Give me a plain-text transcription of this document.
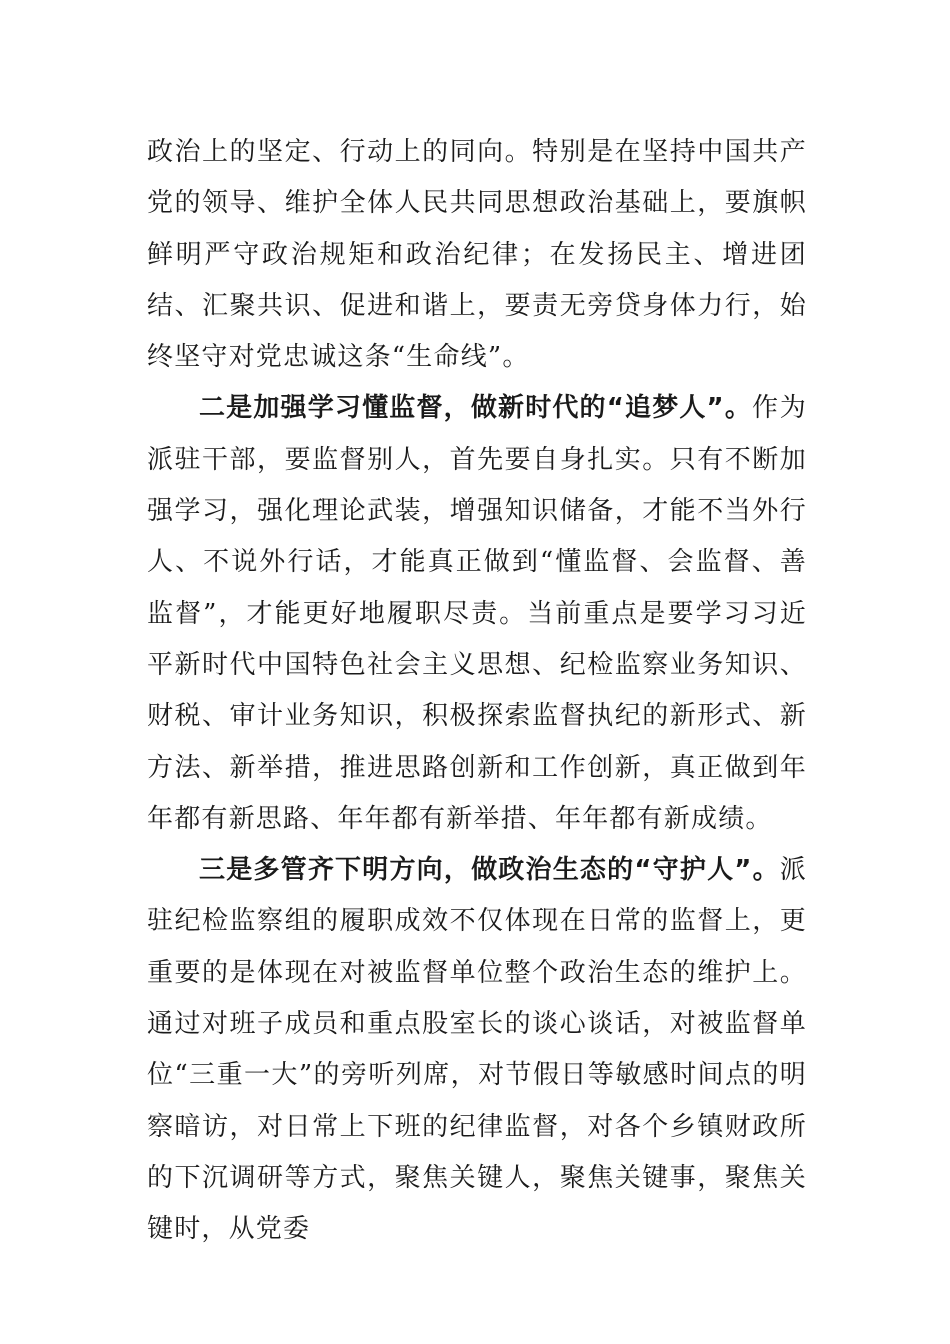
政治上的坚定、行动上的同向。特别是在坚持中国共产党的领导、维护全体人民共同思想政治基础上，要旗帜鲜明严守政治规矩和政治纪律；在发扬民主、增进团结、汇聚共识、促进和谐上，要责无旁贷身体力行，始终坚守对党忠诚这条“生命线”。

二是加强学习懂监督，做新时代的“追梦人”。作为派驻干部，要监督别人，首先要自身扎实。只有不断加强学习，强化理论武装，增强知识储备，才能不当外行人、不说外行话，才能真正做到“懂监督、会监督、善监督”，才能更好地履职尽责。当前重点是要学习习近平新时代中国特色社会主义思想、纪检监察业务知识、财税、审计业务知识，积极探索监督执纪的新形式、新方法、新举措，推进思路创新和工作创新，真正做到年年都有新思路、年年都有新举措、年年都有新成绩。

三是多管齐下明方向，做政治生态的“守护人”。派驻纪检监察组的履职成效不仅体现在日常的监督上，更重要的是体现在对被监督单位整个政治生态的维护上。通过对班子成员和重点股室长的谈心谈话，对被监督单位“三重一大”的旁听列席，对节假日等敏感时间点的明察暗访，对日常上下班的纪律监督，对各个乡镇财政所的下沉调研等方式，聚焦关键人，聚焦关键事，聚焦关键时，从党委
